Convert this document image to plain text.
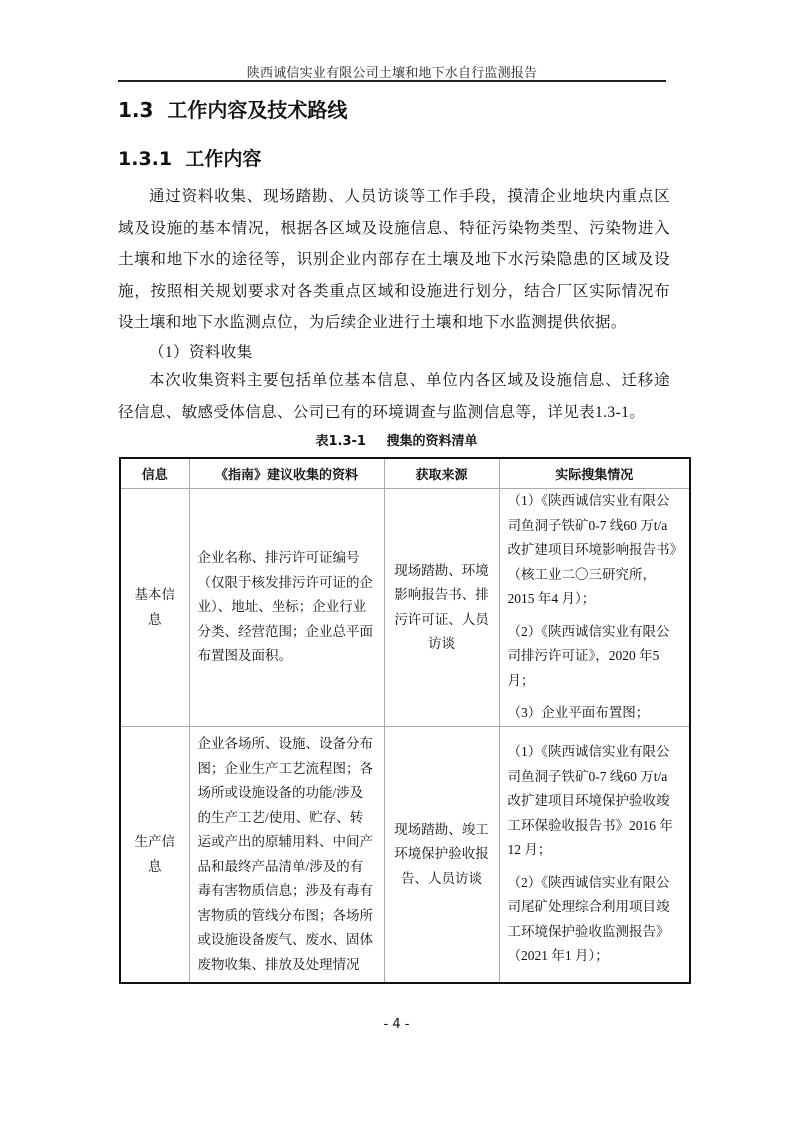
陕西诚信实业有限公司土壤和地下水自行监测报告
1.3 工作内容及技术路线
1.3.1 工作内容
通过资料收集、现场踏勘、人员访谈等工作手段，摸清企业地块内重点区域及设施的基本情况，根据各区域及设施信息、特征污染物类型、污染物进入土壤和地下水的途径等，识别企业内部存在土壤及地下水污染隐患的区域及设施，按照相关规划要求对各类重点区域和设施进行划分，结合厂区实际情况布设土壤和地下水监测点位，为后续企业进行土壤和地下水监测提供依据。
（1）资料收集
本次收集资料主要包括单位基本信息、单位内各区域及设施信息、迁移途径信息、敏感受体信息、公司已有的环境调查与监测信息等，详见表1.3-1。
表1.3-1 搜集的资料清单
信息	《指南》建议收集的资料	获取来源	实际搜集情况
基本信息	企业名称、排污许可证编号（仅限于核发排污许可证的企业）、地址、坐标；企业行业分类、经营范围；企业总平面布置图及面积。	现场踏勘、环境影响报告书、排污许可证、人员访谈	（1）《陕西诚信实业有限公司鱼洞子铁矿0-7 线60 万t/a 改扩建项目环境影响报告书》（核工业二〇三研究所，2015 年4 月）；

（2）《陕西诚信实业有限公司排污许可证》，2020 年5 月；

（3）企业平面布置图；

生产信息	企业各场所、设施、设备分布图；企业生产工艺流程图；各场所或设施设备的功能/涉及的生产工艺/使用、贮存、转运或产出的原辅用料、中间产品和最终产品清单/涉及的有毒有害物质信息；涉及有毒有害物质的管线分布图；各场所或设施设备废气、废水、固体废物收集、排放及处理情况	现场踏勘、竣工环境保护验收报告、人员访谈	（1）《陕西诚信实业有限公司鱼洞子铁矿0-7 线60 万t/a 改扩建项目环境保护验收竣工环保验收报告书》2016 年12 月；

（2）《陕西诚信实业有限公司尾矿处理综合利用项目竣工环境保护验收监测报告》（2021 年1 月）；

- 4 -
